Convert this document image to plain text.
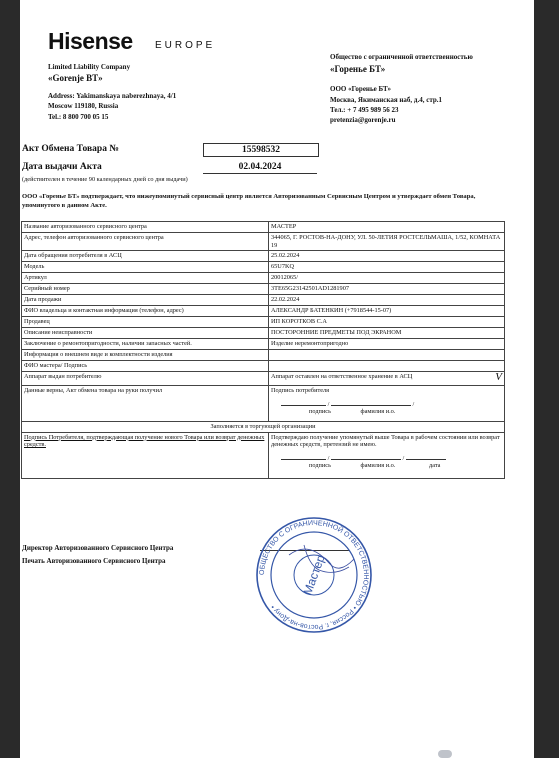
Hisense EUROPE
Limited Liability Company
«Gorenje BT»
Address: Yakimanskaya naberezhnaya, 4/1
Moscow 119180, Russia
Tel.: 8 800 700 05 15
Общество с ограниченной ответственностью
«Горенье БТ»
ООО «Горенье БТ»
Москва, Якиманская наб, д.4, стр.1
Тел.: + 7 495 989 56 23
pretenzia@gorenje.ru
Акт Обмена Товара №	15598532
Дата выдачи Акта	02.04.2024
(действителен в течение 90 календарных дней со дня выдачи)
ООО «Горенье БТ» подтверждает, что нижеупомянутый сервисный центр является Авторизованным Сервисным Центром и утверждает обмен Товара, упомянутого в данном Акте.
Название авторизованного сервисного центра	МАСТЕР
Адрес, телефон авторизованного сервисного центра	344065, Г. РОСТОВ-НА-ДОНУ, УЛ. 50-ЛЕТИЯ РОСТСЕЛЬМАША, 1/52, КОМНАТА 19
Дата обращения потребителя в АСЦ	25.02.2024
Модель	65U7KQ
Артикул	20012065/
Серийный номер	3TE65G23142501AD1281907
Дата продажи	22.02.2024
ФИО владельца и контактная информация (телефон, адрес)	АЛЕКСАНДР БАТЕНКИН (+7918544-15-07)
Продавец	ИП КОРОТКОВ С.А
Описание неисправности	ПОСТОРОННИЕ ПРЕДМЕТЫ ПОД ЭКРАНОМ
Заключение о ремонтопригодности, наличии запасных частей.	Изделие неремонтопригодно
Информация о внешнем виде и комплектности изделия	
ФИО мастера/ Подпись	
Аппарат выдан потребителю	Аппарат оставлен на ответственное хранение в АСЦ V

Данные верны, Акт обмена товара на руки получил	Подпись потребителя
/ /
подпись фамилия и.о.

Заполняется в торгующей организации	
Подпись Потребителя, подтверждающая получение нового Товара или возврат денежных средств.	Подтверждаю получение упомянутый выше Товара в рабочем состоянии или возврат денежных средств, претензий не имею.
/ /
подпись фамилия и.о. дата
Директор Авторизованного Сервисного Центра
Печать Авторизованного Сервисного Центра
ОБЩЕСТВО С ОГРАНИЧЕННОЙ ОТВЕТСТВЕННОСТЬЮ • Россия, г. Ростов-на-Дону •
Мастер
